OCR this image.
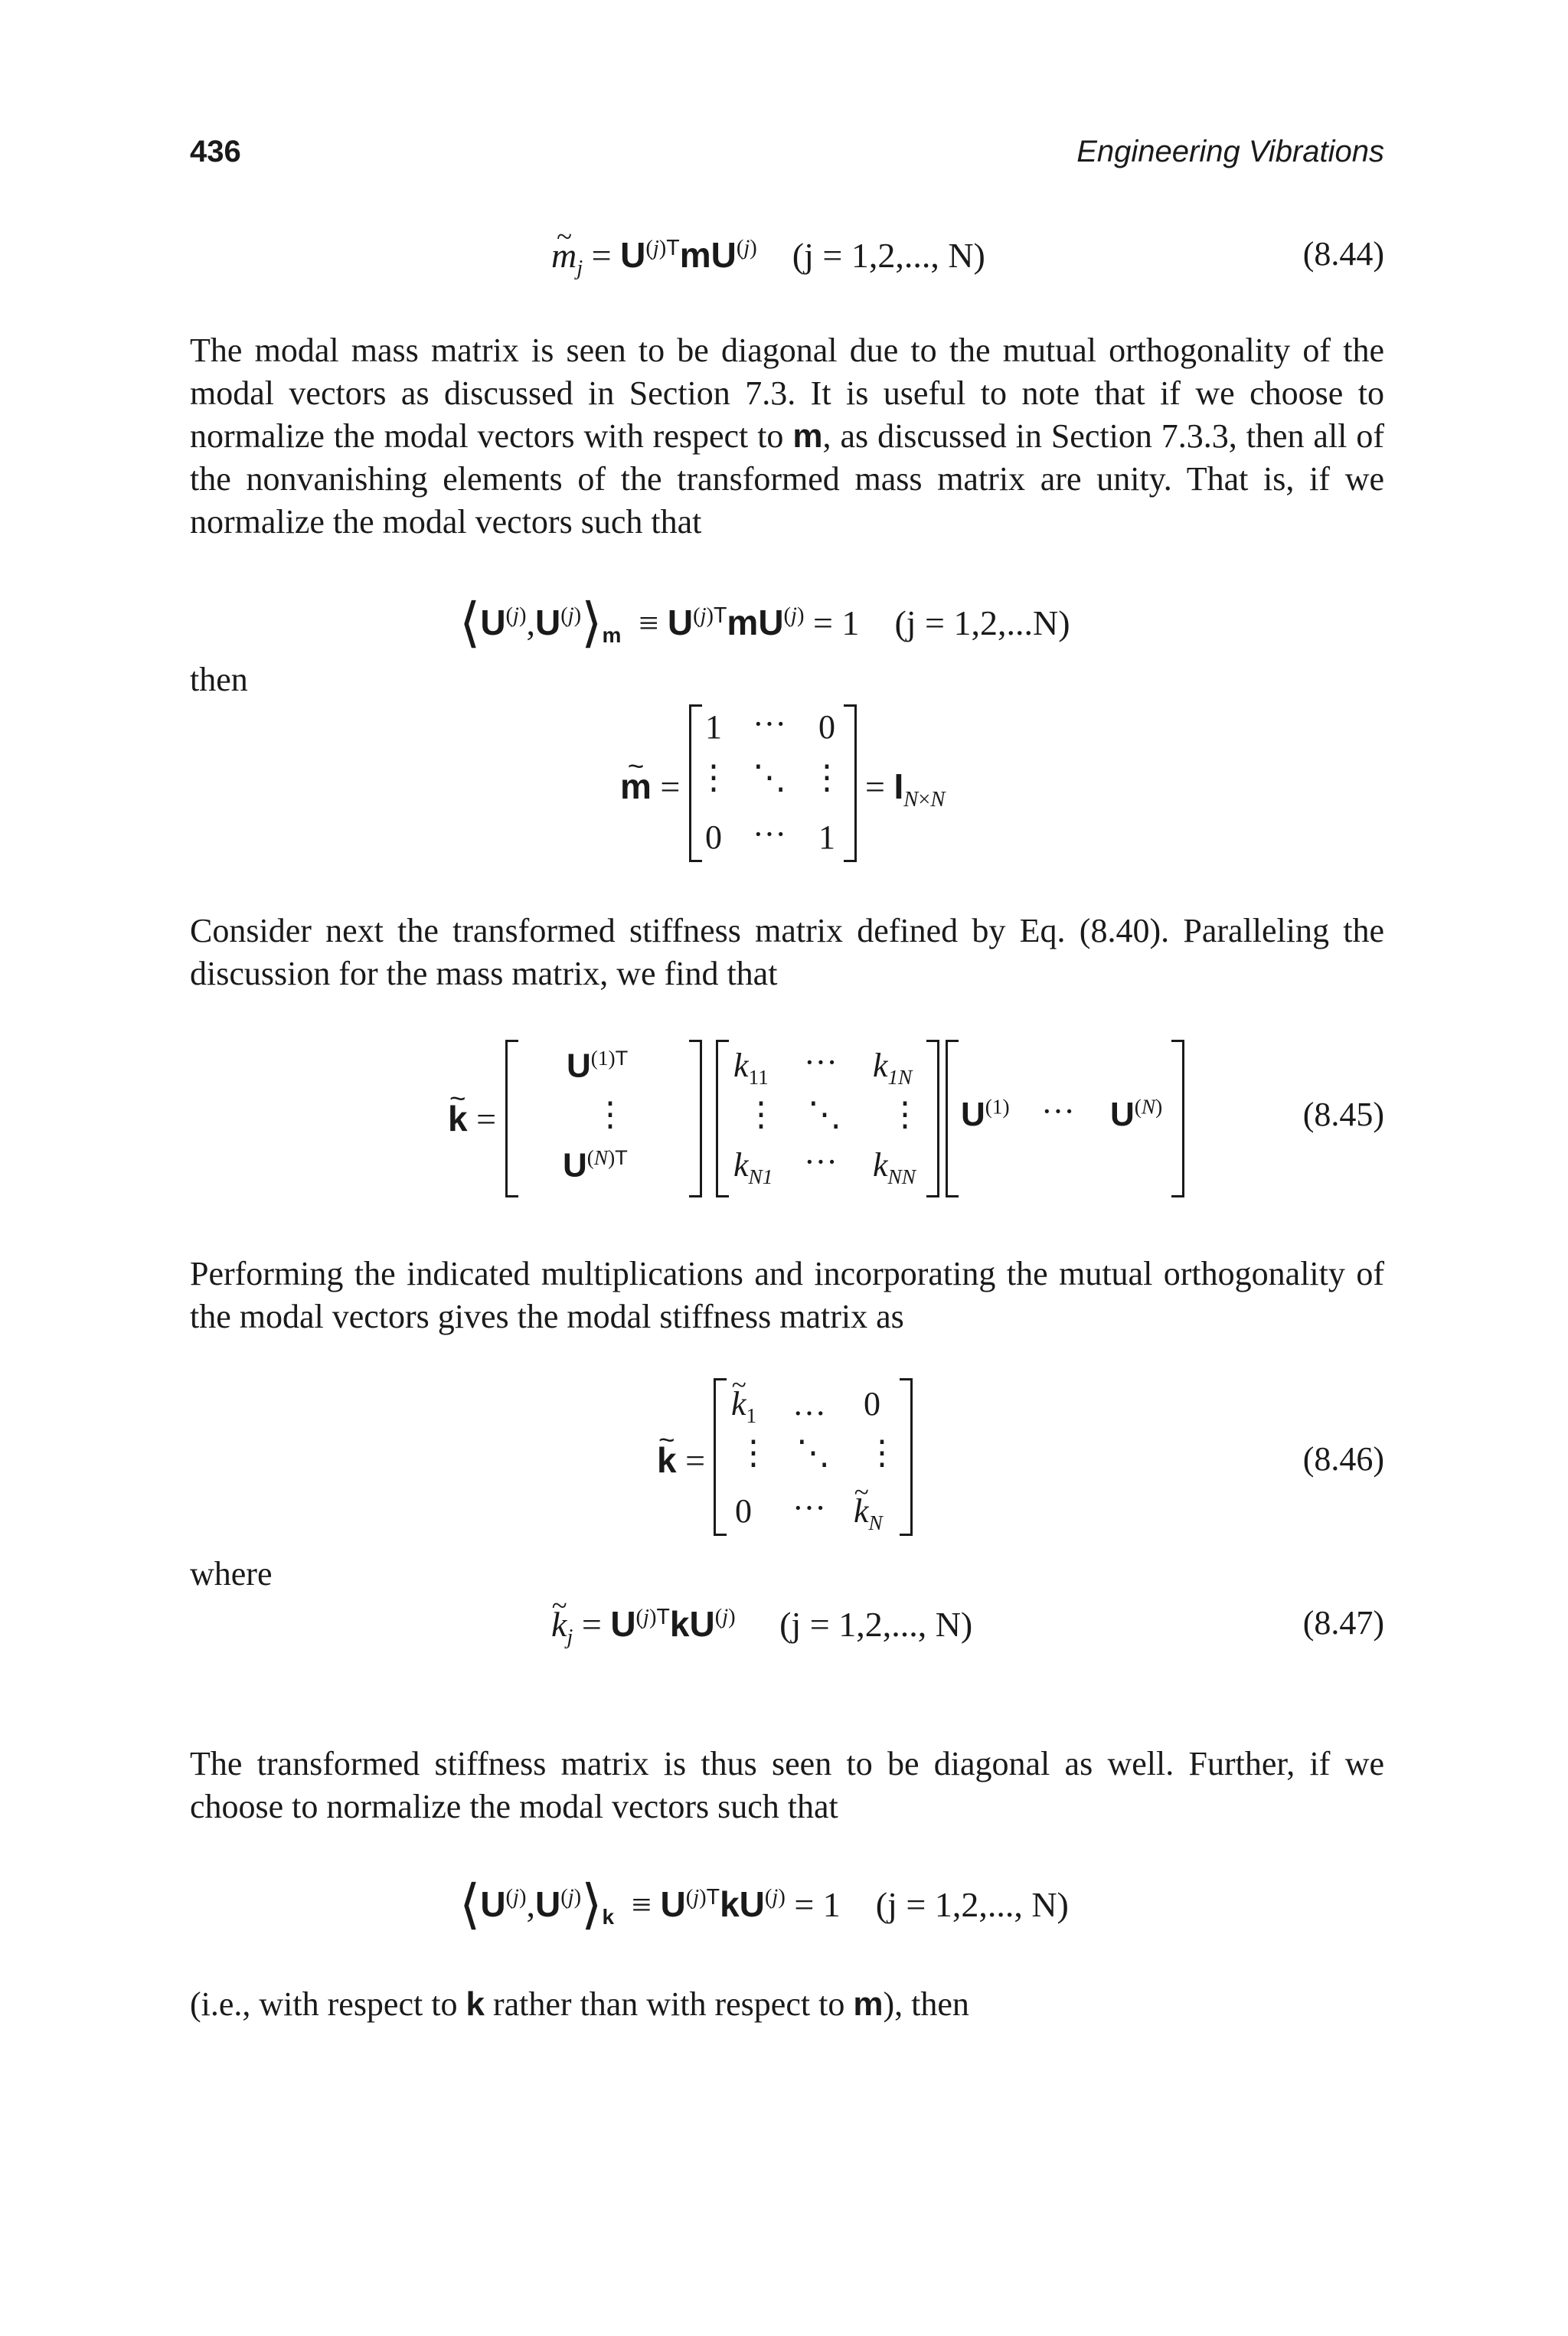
436	Engineering Vibrations
~ $m_j = U^{(j)T}mU^{(j)}$ (j = 1,2,..., N)	(8.44)

The modal mass matrix is seen to be diagonal due to the mutual orthogonality of the modal vectors as discussed in Section 7.3. It is useful to note that if we choose to normalize the modal vectors with respect to m, as discussed in Section 7.3.3, then all of the nonvanishing elements of the transformed mass matrix are unity. That is, if we normalize the modal vectors such that

$⟨U^{(j)},U^{(j)}⟩_m \equiv U^{(j)T}mU^{(j)} = 1$ (j = 1,2,...N)
then
~ m =
1 ··· 0
⋮ ⋱ ⋮
0 ··· 1
= $I_{N\times N}$

Consider next the transformed stiffness matrix defined by Eq. (8.40). Paralleling the discussion for the mass matrix, we find that

~ k =
$U^{(1)T}$
⋮
$U^{(N)T}$
$k_{11}$ ··· $k_{1N}$
⋮ ⋱ ⋮
$k_{N1}$ ··· $k_{NN}$
$U^{(1)}$ ··· $U^{(N)}$	(8.45)

Performing the indicated multiplications and incorporating the mutual orthogonality of the modal vectors gives the modal stiffness matrix as

~ k =
~ $k_1$ … 0
⋮ ⋱ ⋮
0 ··· ~ $k_N$
(8.46)
where
~ $k_j = U^{(j)T}kU^{(j)}$ (j = 1,2,..., N)	(8.47)

The transformed stiffness matrix is thus seen to be diagonal as well. Further, if we choose to normalize the modal vectors such that

$⟨U^{(j)},U^{(j)}⟩_k \equiv U^{(j)T}kU^{(j)} = 1$ (j = 1,2,..., N)

(i.e., with respect to k rather than with respect to m), then
